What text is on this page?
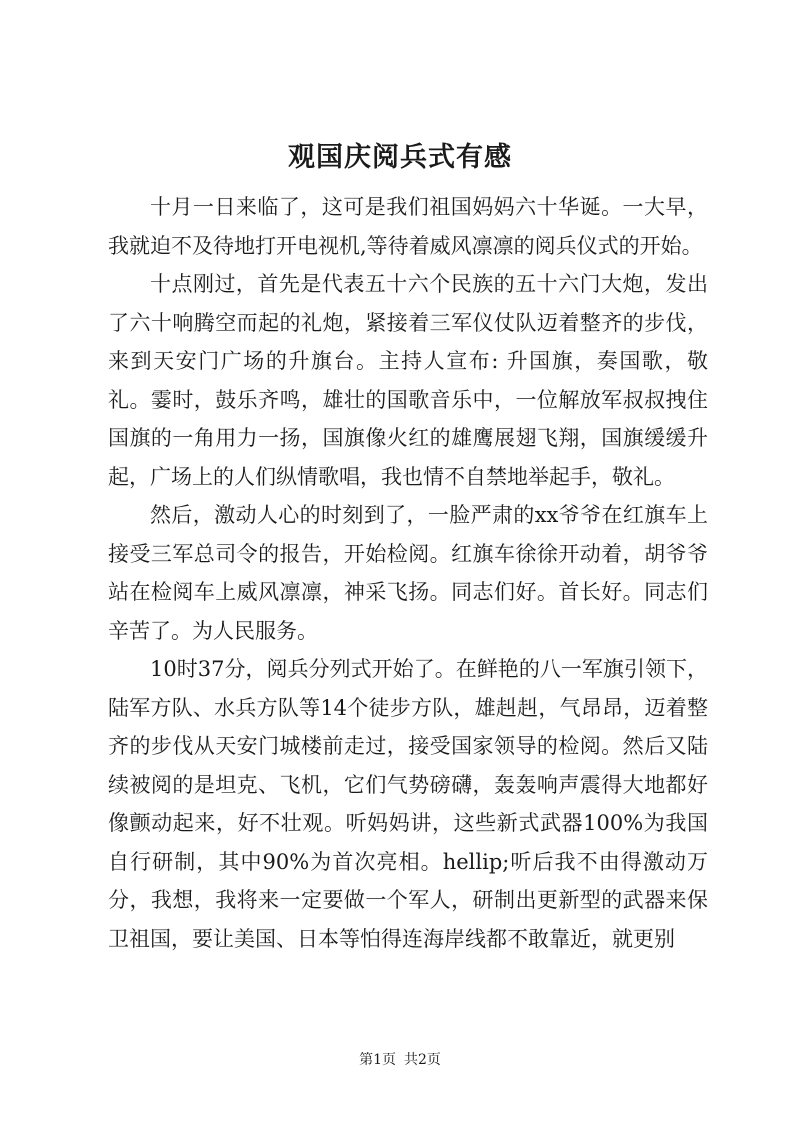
观国庆阅兵式有感

十月一日来临了，这可是我们祖国妈妈六十华诞。一大早，我就迫不及待地打开电视机,等待着威风凛凛的阅兵仪式的开始。

十点刚过，首先是代表五十六个民族的五十六门大炮，发出了六十响腾空而起的礼炮，紧接着三军仪仗队迈着整齐的步伐，来到天安门广场的升旗台。主持人宣布: 升国旗，奏国歌，敬礼。霎时，鼓乐齐鸣，雄壮的国歌音乐中，一位解放军叔叔拽住国旗的一角用力一扬，国旗像火红的雄鹰展翅飞翔，国旗缓缓升起，广场上的人们纵情歌唱，我也情不自禁地举起手，敬礼。

然后，激动人心的时刻到了，一脸严肃的xx爷爷在红旗车上接受三军总司令的报告，开始检阅。红旗车徐徐开动着，胡爷爷站在检阅车上威风凛凛，神采飞扬。同志们好。首长好。同志们辛苦了。为人民服务。

10时37分，阅兵分列式开始了。在鲜艳的八一军旗引领下，陆军方队、水兵方队等14个徒步方队，雄赳赳，气昂昂，迈着整齐的步伐从天安门城楼前走过，接受国家领导的检阅。然后又陆续被阅的是坦克、飞机，它们气势磅礴，轰轰响声震得大地都好像颤动起来，好不壮观。听妈妈讲，这些新式武器100%为我国自行研制，其中90%为首次亮相。hellip;听后我不由得激动万分，我想，我将来一定要做一个军人，研制出更新型的武器来保卫祖国，要让美国、日本等怕得连海岸线都不敢靠近，就更别

第1页 共2页
